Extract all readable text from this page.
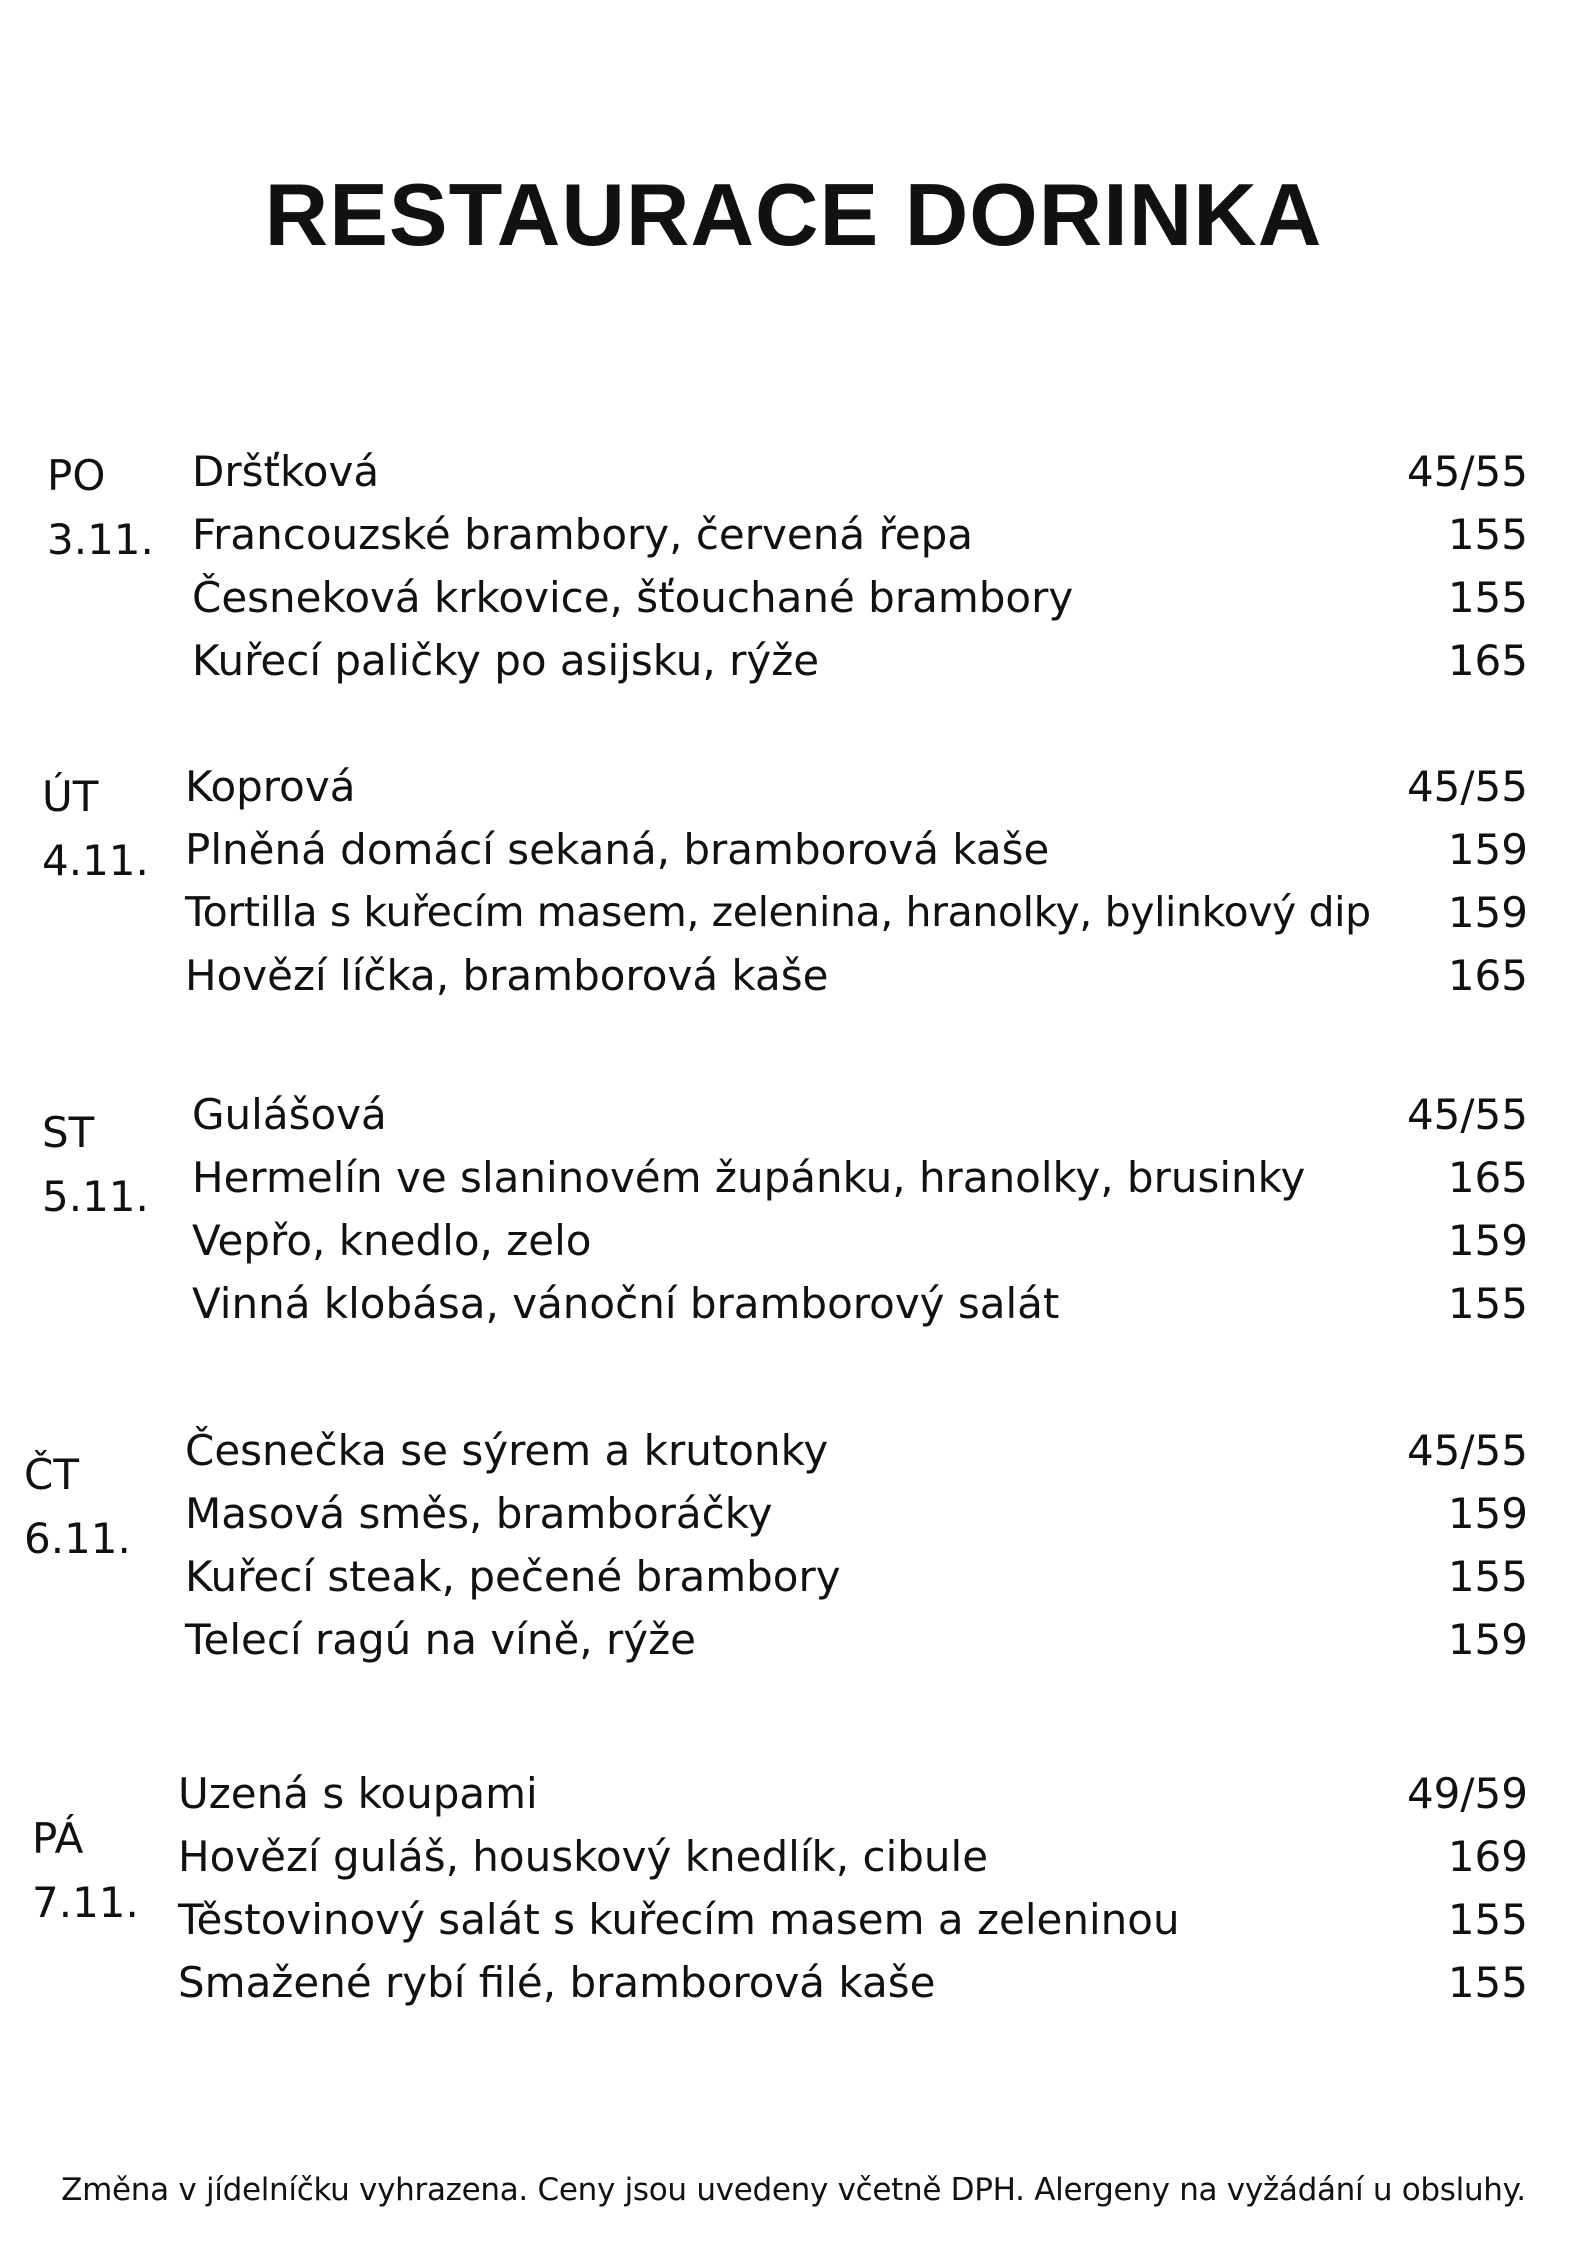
RESTAURACE DORINKA
PO
3.11.
Dršťková	45/55
Francouzské brambory, červená řepa	155
Česneková krkovice, šťouchané brambory	155
Kuřecí paličky po asijsku, rýže	165
ÚT
4.11.
Koprová	45/55
Plněná domácí sekaná, bramborová kaše	159
Tortilla s kuřecím masem, zelenina, hranolky, bylinkový dip 159
Hovězí líčka, bramborová kaše	165
ST
5.11.
Gulášová	45/55
Hermelín ve slaninovém župánku, hranolky, brusinky	165
Vepřo, knedlo, zelo	159
Vinná klobása, vánoční bramborový salát	155
ČT
6.11.
Česnečka se sýrem a krutonky	45/55
Masová směs, bramboráčky	159
Kuřecí steak, pečené brambory	155
Telecí ragú na víně, rýže	159
PÁ
7.11.
Uzená s koupami	49/59
Hovězí guláš, houskový knedlík, cibule	169
Těstovinový salát s kuřecím masem a zeleninou	155
Smažené rybí filé, bramborová kaše	155
Změna v jídelníčku vyhrazena. Ceny jsou uvedeny včetně DPH. Alergeny na vyžádání u obsluhy.
